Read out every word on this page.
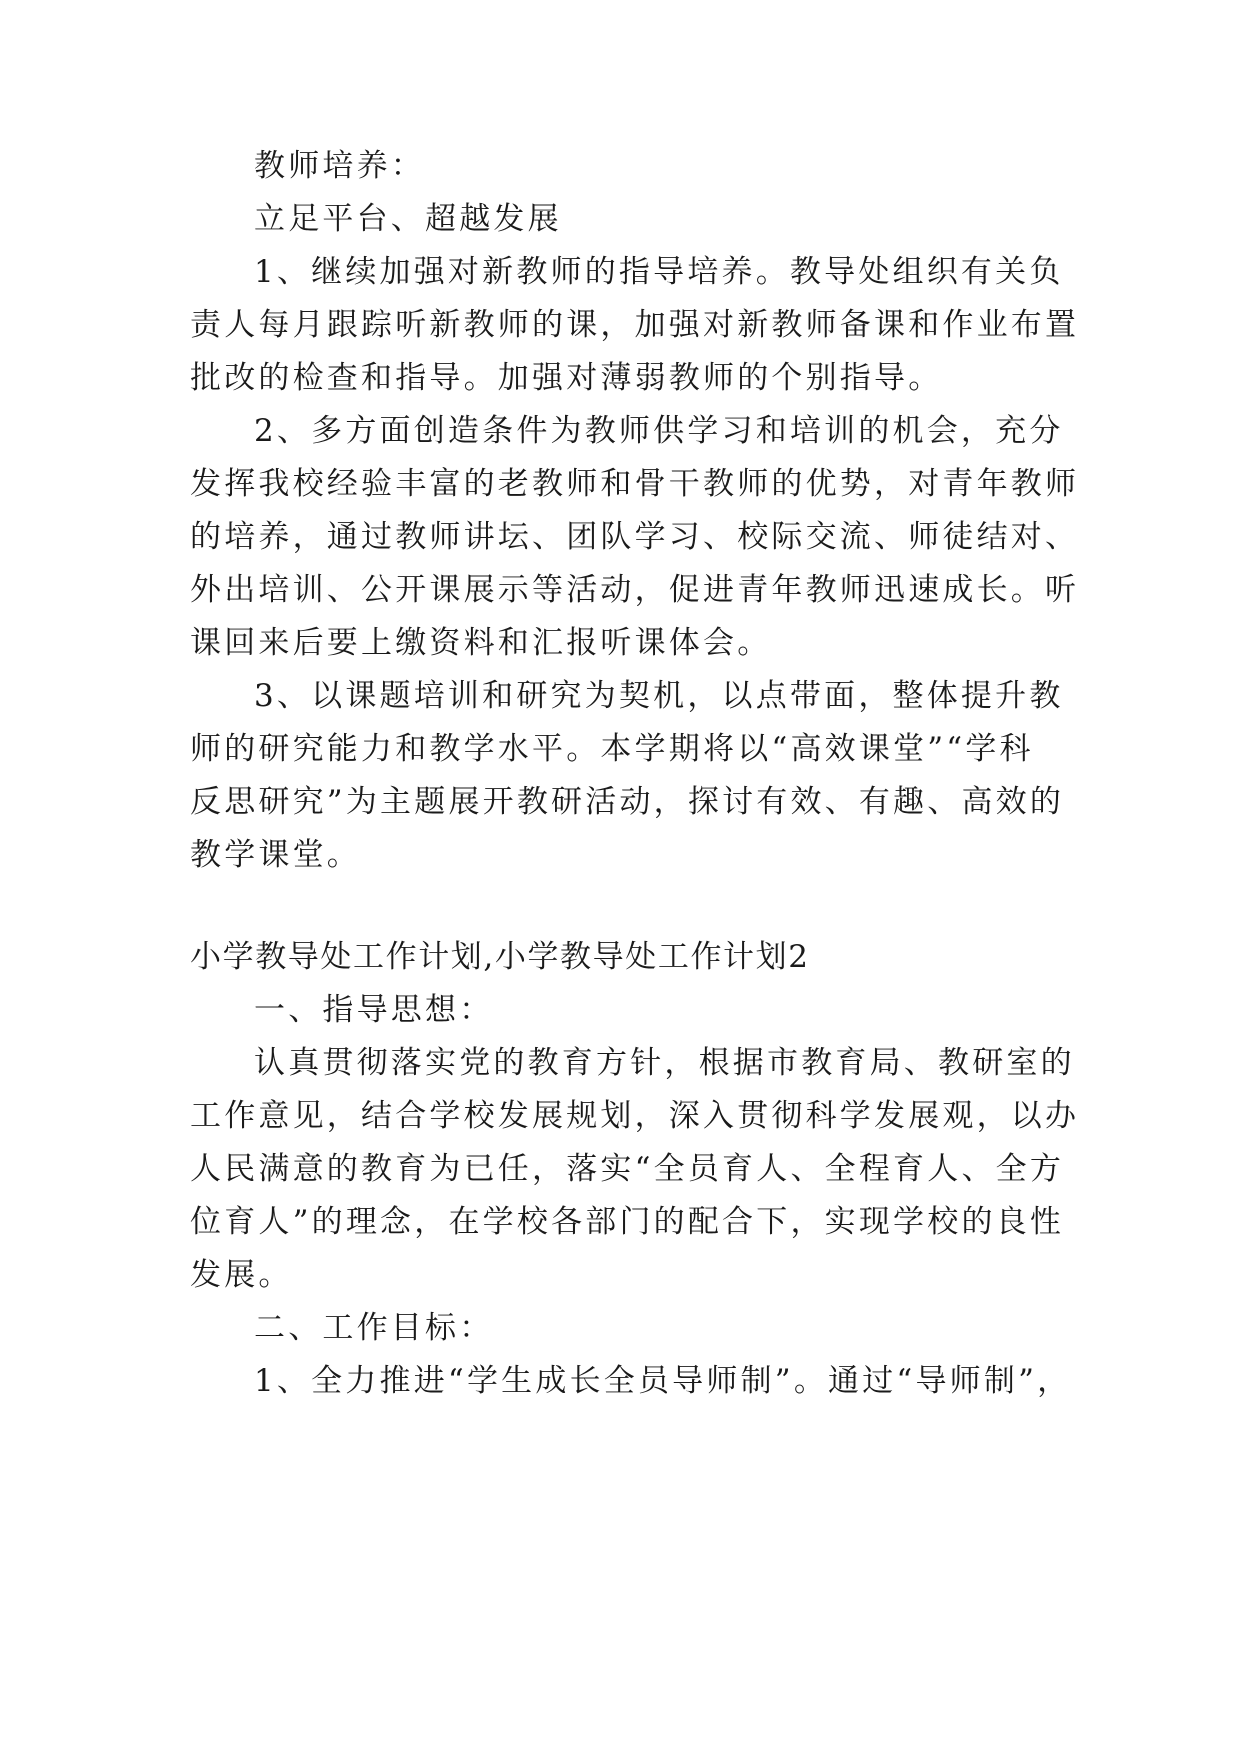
教师培养：
立足平台、超越发展
1、继续加强对新教师的指导培养。教导处组织有关负
责人每月跟踪听新教师的课，加强对新教师备课和作业布置
批改的检查和指导。加强对薄弱教师的个别指导。
2、多方面创造条件为教师供学习和培训的机会，充分
发挥我校经验丰富的老教师和骨干教师的优势，对青年教师
的培养，通过教师讲坛、团队学习、校际交流、师徒结对、
外出培训、公开课展示等活动，促进青年教师迅速成长。听
课回来后要上缴资料和汇报听课体会。
3、以课题培训和研究为契机，以点带面，整体提升教
师的研究能力和教学水平。本学期将以“高效课堂”“学科
反思研究”为主题展开教研活动，探讨有效、有趣、高效的
教学课堂。
小学教导处工作计划,小学教导处工作计划2
一、指导思想：
认真贯彻落实党的教育方针，根据市教育局、教研室的
工作意见，结合学校发展规划，深入贯彻科学发展观，以办
人民满意的教育为已任，落实“全员育人、全程育人、全方
位育人”的理念，在学校各部门的配合下，实现学校的良性
发展。
二、工作目标：
1、全力推进“学生成长全员导师制”。通过“导师制”，
